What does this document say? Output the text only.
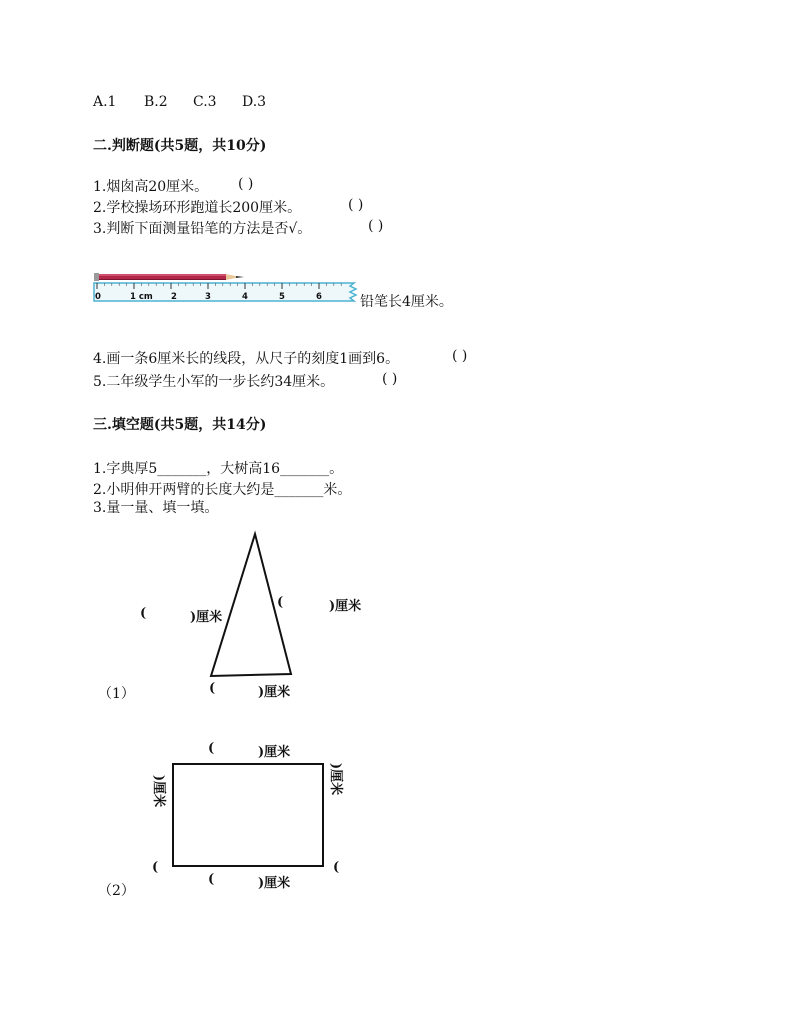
A.1 B.2 C.3 D.3
二.判断题(共5题，共10分)
1.烟囱高20厘米。 ( )
2.学校操场环形跑道长200厘米。	( )
3.判断下面测量铅笔的方法是否√。	( )
0	1 cm 2	3	4	5	6	铅笔长4厘米。
4.画一条6厘米长的线段，从尺子的刻度1画到6。	( )
5.二年级学生小军的一步长约34厘米。	( )
三.填空题(共5题，共14分)
1.字典厚5_______，大树高16_______。
2.小明伸开两臂的长度大约是_______米。
3.量一量、填一填。
(	)厘米
(	)厘米
(	)厘米
（1）
(	)厘米
)厘米
(
)厘米
(
(	)厘米
（2）
